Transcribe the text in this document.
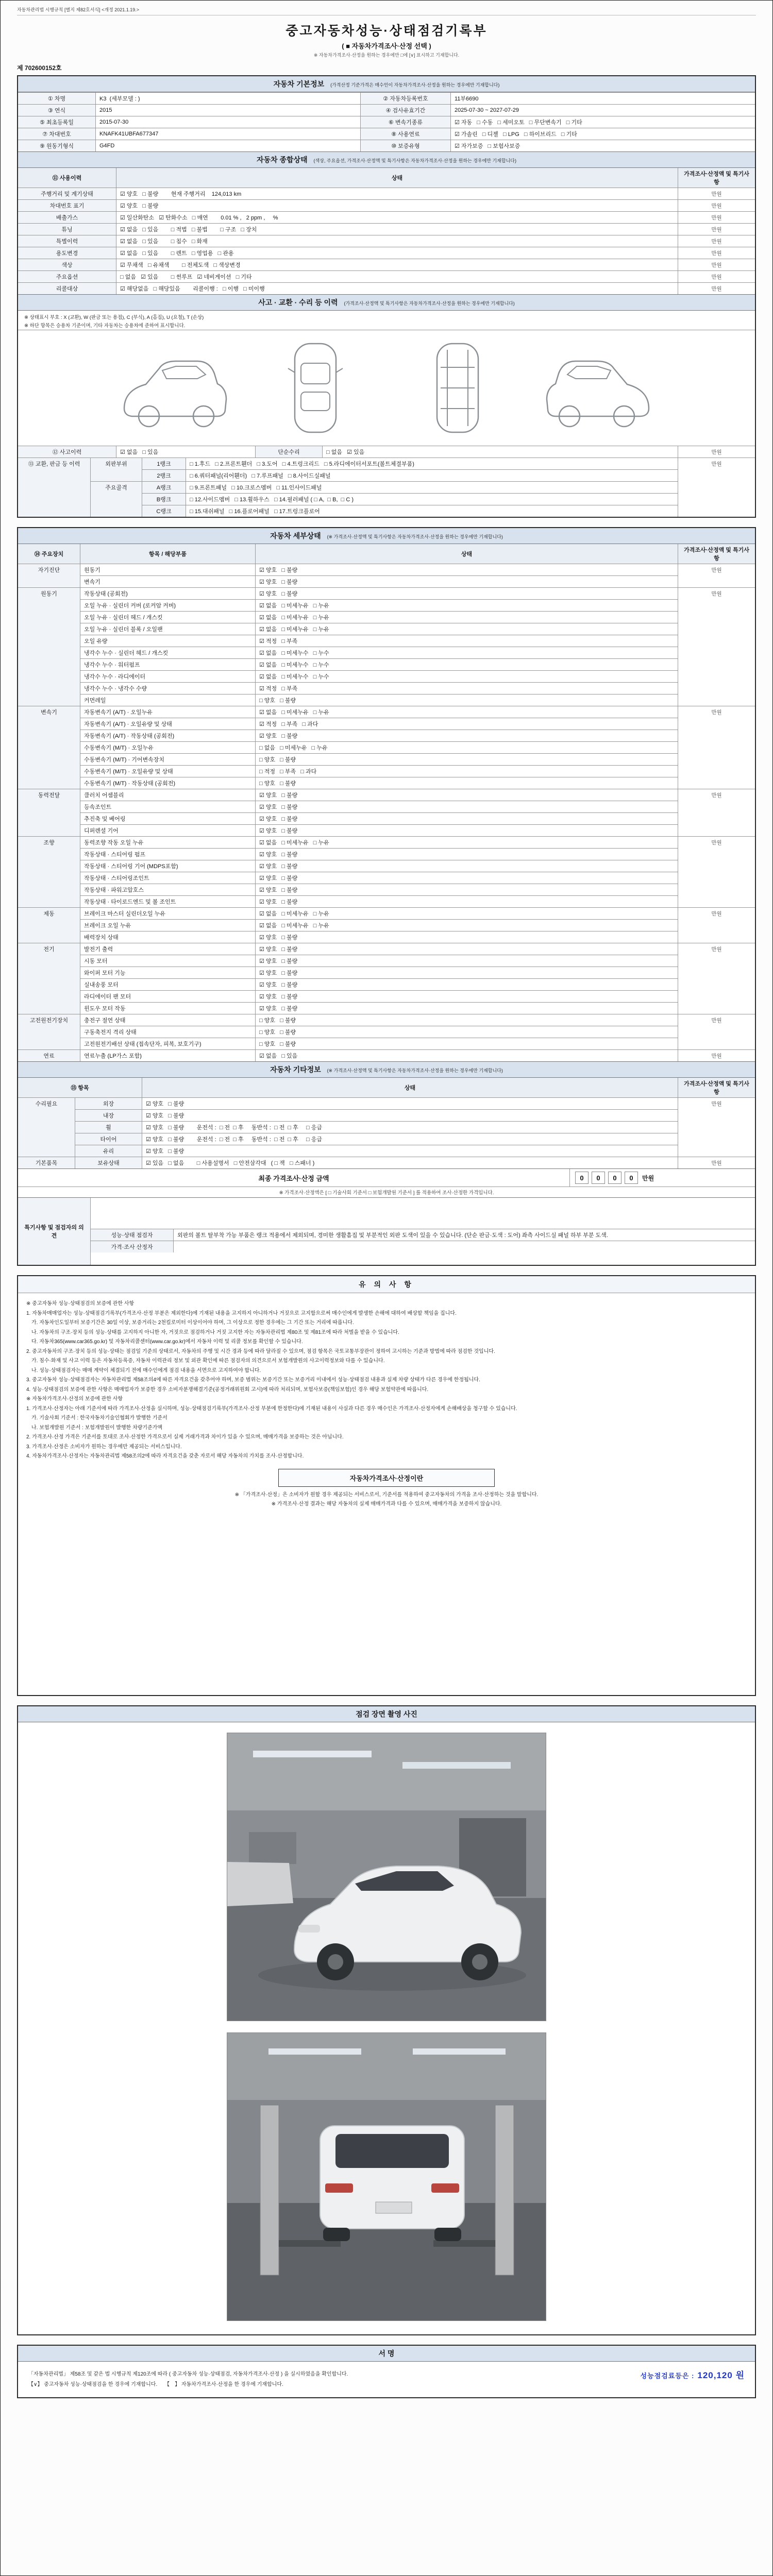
자동차관리법 시행규칙 [별지 제82호서식] <개정 2021.1.19.>
중고자동차성능·상태점검기록부
( ■ 자동차가격조사·산정 선택 )
※ 자동차가격조사·산정을 원하는 경우에만 □에 [∨] 표시하고 기재합니다.
제 702600152호
자동차 기본정보 (가격산정 기준가격은 매수인이 자동차가격조사·산정을 원하는 경우에만 기재합니다)
① 차명	K3  (세부모델 : )	② 자동차등록번호	11부6690
③ 연식	2015	④ 검사유효기간	2025-07-30 ~ 2027-07-29
⑤ 최초등록일	2015-07-30	⑥ 변속기종류	☑ 자동   □ 수동   □ 세미오토   □ 무단변속기   □ 기타
⑦ 차대번호	KNAFK41UBFA677347	⑧ 사용연료	☑ 가솔린   □ 디젤   □ LPG   □ 하이브리드   □ 기타
⑨ 원동기형식	G4FD	⑩ 보증유형	☑ 자가보증   □ 보험사보증
자동차 종합상태 (색상, 주요옵션, 가격조사·산정액 및 특기사항은 자동차가격조사·산정을 원하는 경우에만 기재합니다)
⑪ 사용이력	상태
가격조사·산정액 및 특기사항
주행거리 및 계기상태	☑ 양호   □ 불량        현재 주행거리    124,013 km	만원
차대번호 표기	☑ 양호   □ 불량	만원
배출가스	☑ 일산화탄소   ☑ 탄화수소   □ 매연        0.01 % ,   2 ppm ,     %	만원
튜닝	☑ 없음   □ 있음        □ 적법   □ 불법        □ 구조   □ 장치	만원
특별이력	☑ 없음   □ 있음        □ 침수   □ 화재	만원
용도변경	☑ 없음   □ 있음        □ 렌트   □ 영업용   □ 관용	만원
색상	☑ 무채색   □ 유채색        □ 전체도색   □ 색상변경	만원
주요옵션	□ 없음   ☑ 있음        □ 썬루프   ☑ 네비게이션   □ 기타	만원
리콜대상	☑ 해당없음   □ 해당있음        리콜이행 :   □ 이행   □ 미이행	만원
사고 · 교환 · 수리 등 이력 (가격조사·산정액 및 특기사항은 자동차가격조사·산정을 원하는 경우에만 기재합니다)
※ 상태표시 부호 : X (교환), W (판금 또는 용접), C (부식), A (흠집), U (요철), T (손상)
※ 하단 항목은 승용차 기준이며, 기타 자동차는 승용차에 준하여 표시합니다.
⑫ 사고이력	☑ 없음   □ 있음	단순수리	□ 없음   ☑ 있음	만원
⑬ 교환, 판금 등 이력	외판부위	1랭크	□ 1.후드   □ 2.프론트휀더   □ 3.도어   □ 4.트렁크리드   □ 5.라디에이터서포트(볼트체결부품)	만원
2랭크	□ 6.쿼터패널(리어휀더)   □ 7.루프패널   □ 8.사이드실패널
주요골격	A랭크	□ 9.프론트패널   □ 10.크로스멤버   □ 11.인사이드패널
B랭크	□ 12.사이드멤버   □ 13.휠하우스   □ 14.필러패널 ( □ A,  □ B,  □ C )
C랭크	□ 15.대쉬패널   □ 16.플로어패널   □ 17.트렁크플로어
자동차 세부상태 (※ 가격조사·산정액 및 특기사항은 자동차가격조사·산정을 원하는 경우에만 기재합니다)
⑭ 주요장치	항목 / 해당부품	상태
가격조사·산정액 및 특기사항
자기진단	원동기	☑ 양호   □ 불량	만원
변속기	☑ 양호   □ 불량
원동기	작동상태 (공회전)	☑ 양호   □ 불량	만원
오일 누유 · 실린더 커버 (로커암 커버)	☑ 없음   □ 미세누유   □ 누유
오일 누유 · 실린더 헤드 / 개스킷	☑ 없음   □ 미세누유   □ 누유
오일 누유 · 실린더 블록 / 오일팬	☑ 없음   □ 미세누유   □ 누유
오일 유량	☑ 적정   □ 부족
냉각수 누수 · 실린더 헤드 / 개스킷	☑ 없음   □ 미세누수   □ 누수
냉각수 누수 · 워터펌프	☑ 없음   □ 미세누수   □ 누수
냉각수 누수 · 라디에이터	☑ 없음   □ 미세누수   □ 누수
냉각수 누수 · 냉각수 수량	☑ 적정   □ 부족
커먼레일	□ 양호   □ 불량
변속기	자동변속기 (A/T) · 오일누유	☑ 없음   □ 미세누유   □ 누유	만원
자동변속기 (A/T) · 오일유량 및 상태	☑ 적정   □ 부족   □ 과다
자동변속기 (A/T) · 작동상태 (공회전)	☑ 양호   □ 불량
수동변속기 (M/T) · 오일누유	□ 없음   □ 미세누유   □ 누유
수동변속기 (M/T) · 기어변속장치	□ 양호   □ 불량
수동변속기 (M/T) · 오일유량 및 상태	□ 적정   □ 부족   □ 과다
수동변속기 (M/T) · 작동상태 (공회전)	□ 양호   □ 불량
동력전달	클러치 어셈블리	☑ 양호   □ 불량	만원
등속조인트	☑ 양호   □ 불량
추진축 및 베어링	☑ 양호   □ 불량
디퍼렌셜 기어	☑ 양호   □ 불량
조향	동력조향 작동 오일 누유	☑ 없음   □ 미세누유   □ 누유	만원
작동상태 · 스티어링 펌프	☑ 양호   □ 불량
작동상태 · 스티어링 기어 (MDPS포함)	☑ 양호   □ 불량
작동상태 · 스티어링조인트	☑ 양호   □ 불량
작동상태 · 파워고압호스	☑ 양호   □ 불량
작동상태 · 타이로드엔드 및 볼 조인트	☑ 양호   □ 불량
제동	브레이크 마스터 실린더오일 누유	☑ 없음   □ 미세누유   □ 누유	만원
브레이크 오일 누유	☑ 없음   □ 미세누유   □ 누유
배력장치 상태	☑ 양호   □ 불량
전기	발전기 출력	☑ 양호   □ 불량	만원
시동 모터	☑ 양호   □ 불량
와이퍼 모터 기능	☑ 양호   □ 불량
실내송풍 모터	☑ 양호   □ 불량
라디에이터 팬 모터	☑ 양호   □ 불량
윈도우 모터 작동	☑ 양호   □ 불량
고전원전기장치	충전구 절연 상태	□ 양호   □ 불량	만원
구동축전지 격리 상태	□ 양호   □ 불량
고전원전기배선 상태 (접속단자, 피복, 보호기구)	□ 양호   □ 불량
연료	연료누출 (LP가스 포함)	☑ 없음   □ 있음	만원
자동차 기타정보 (※ 가격조사·산정액 및 특기사항은 자동차가격조사·산정을 원하는 경우에만 기재합니다)
⑮ 항목	상태
가격조사·산정액 및 특기사항
수리필요	외장	☑ 양호   □ 불량	만원
내장	☑ 양호   □ 불량
휠	☑ 양호   □ 불량        운전석 :  □ 전  □ 후     동반석 :  □ 전  □ 후     □ 응급
타이어	☑ 양호   □ 불량        운전석 :  □ 전  □ 후     동반석 :  □ 전  □ 후     □ 응급
유리	☑ 양호   □ 불량
기본품목	보유상태	☑ 있음   □ 없음        □ 사용설명서   □ 안전삼각대   ( □ 잭   □ 스패너 )	만원
최종 가격조사·산정 금액	0	0	0	0	만원
※ 가격조사·산정액은 [ □ 기술사회 기준서 □ 보험개발원 기준서 ] 를 적용하여 조사·산정한 가격입니다.
특기사항 및 점검자의 의견

	성능·상태 점검자	외판의 볼트 탈부착 가능 부품은 랭크 적용에서 제외되며, 경미한 생활흠집 및 부분적인 외판 도색이 있을 수 있습니다. (단순 판금·도색 : 도어) 좌측 사이드실 패널 하부 부분 도색.
가격·조사 산정자

유 의 사 항
※ 중고자동차 성능·상태점검의 보증에 관한 사항
1. 자동차매매업자는 성능·상태점검기록부(가격조사·산정 부분은 제외한다)에 기재된 내용을 고지하지 아니하거나 거짓으로 고지함으로써 매수인에게 발생한 손해에 대하여 배상할 책임을 집니다.
　가. 자동차인도일부터 보증기간은 30일 이상, 보증거리는 2천킬로미터 이상이어야 하며, 그 이상으로 정한 경우에는 그 기간 또는 거리에 따릅니다.
　나. 자동차의 구조·장치 등의 성능·상태를 고지하지 아니한 자, 거짓으로 점검하거나 거짓 고지한 자는 자동차관리법 제80조 및 제81조에 따라 처벌을 받을 수 있습니다.
　다. 자동차365(www.car365.go.kr) 및 자동차리콜센터(www.car.go.kr)에서 자동차 이력 및 리콜 정보를 확인할 수 있습니다.
2. 중고자동차의 구조·장치 등의 성능·상태는 점검일 기준의 상태로서, 자동차의 주행 및 시간 경과 등에 따라 달라질 수 있으며, 점검 항목은 국토교통부장관이 정하여 고시하는 기준과 방법에 따라 점검한 것입니다.
　가. 침수·화재 및 사고 이력 등은 자동차등록증, 자동차 이력관리 정보 및 외관 확인에 따른 점검자의 의견으로서 보험개발원의 사고이력정보와 다를 수 있습니다.
　나. 성능·상태점검자는 매매 계약이 체결되기 전에 매수인에게 점검 내용을 서면으로 고지하여야 합니다.
3. 중고자동차 성능·상태점검자는 자동차관리법 제58조의4에 따른 자격요건을 갖추어야 하며, 보증 범위는 보증기간 또는 보증거리 이내에서 성능·상태점검 내용과 실제 차량 상태가 다른 경우에 한정됩니다.
4. 성능·상태점검의 보증에 관한 사항은 매매업자가 보증한 경우 소비자분쟁해결기준(공정거래위원회 고시)에 따라 처리되며, 보험사보증(책임보험)인 경우 해당 보험약관에 따릅니다.
※ 자동차가격조사·산정의 보증에 관한 사항
1. 가격조사·산정자는 아래 기준서에 따라 가격조사·산정을 실시하며, 성능·상태점검기록부(가격조사·산정 부분에 한정한다)에 기재된 내용이 사실과 다른 경우 매수인은 가격조사·산정자에게 손해배상을 청구할 수 있습니다.
　가. 기술사회 기준서 : 한국자동차기술인협회가 발행한 기준서
　나. 보험개발원 기준서 : 보험개발원이 발행한 차량기준가액
2. 가격조사·산정 가격은 기준서를 토대로 조사·산정한 가격으로서 실제 거래가격과 차이가 있을 수 있으며, 매매가격을 보증하는 것은 아닙니다.
3. 가격조사·산정은 소비자가 원하는 경우에만 제공되는 서비스입니다.
4. 자동차가격조사·산정자는 자동차관리법 제58조의2에 따라 자격요건을 갖춘 자로서 해당 자동차의 가치를 조사·산정합니다.
자동차가격조사·산정이란
※ 「가격조사·산정」은 소비자가 원할 경우 제공되는 서비스로서, 기준서를 적용하여 중고자동차의 가격을 조사·산정하는 것을 말합니다.
※ 가격조사·산정 결과는 해당 자동차의 실제 매매가격과 다를 수 있으며, 매매가격을 보증하지 않습니다.
점검 장면 촬영 사진
서 명
「자동차관리법」 제58조 및 같은 법 시행규칙 제120조에 따라 ( 중고자동차 성능·상태점검, 자동차가격조사·산정 ) 을 실시하였음을 확인합니다.	성능점검료등은 : 120,120 원
【∨】 중고자동차 성능·상태점검을 한 경우에 기재합니다.     【　】 자동차가격조사·산정을 한 경우에 기재합니다.
